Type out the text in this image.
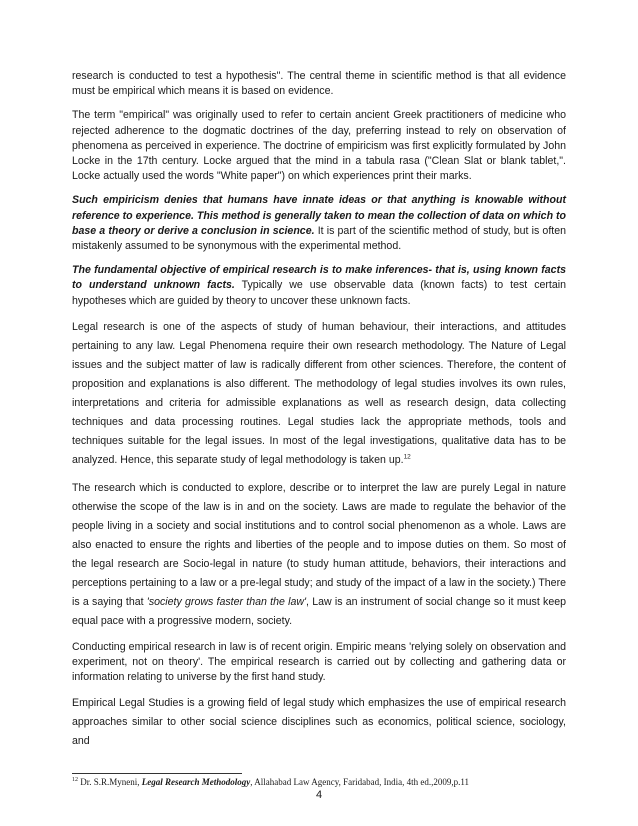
research is conducted to test a hypothesis". The central theme in scientific method is that all evidence must be empirical which means it is based on evidence.

The term "empirical" was originally used to refer to certain ancient Greek practitioners of medicine who rejected adherence to the dogmatic doctrines of the day, preferring instead to rely on observation of phenomena as perceived in experience. The doctrine of empiricism was first explicitly formulated by John Locke in the 17th century. Locke argued that the mind in a tabula rasa ("Clean Slat or blank tablet,". Locke actually used the words "White paper") on which experiences print their marks.

Such empiricism denies that humans have innate ideas or that anything is knowable without reference to experience. This method is generally taken to mean the collection of data on which to base a theory or derive a conclusion in science. It is part of the scientific method of study, but is often mistakenly assumed to be synonymous with the experimental method.

The fundamental objective of empirical research is to make inferences- that is, using known facts to understand unknown facts. Typically we use observable data (known facts) to test certain hypotheses which are guided by theory to uncover these unknown facts.

Legal research is one of the aspects of study of human behaviour, their interactions, and attitudes pertaining to any law. Legal Phenomena require their own research methodology. The Nature of Legal issues and the subject matter of law is radically different from other sciences. Therefore, the content of proposition and explanations is also different. The methodology of legal studies involves its own rules, interpretations and criteria for admissible explanations as well as research design, data collecting techniques and data processing routines. Legal studies lack the appropriate methods, tools and techniques suitable for the legal issues. In most of the legal investigations, qualitative data has to be analyzed. Hence, this separate study of legal methodology is taken up.$^{12}$

The research which is conducted to explore, describe or to interpret the law are purely Legal in nature otherwise the scope of the law is in and on the society. Laws are made to regulate the behavior of the people living in a society and social institutions and to control social phenomenon as a whole. Laws are also enacted to ensure the rights and liberties of the people and to impose duties on them. So most of the legal research are Socio-legal in nature (to study human attitude, behaviors, their interactions and perceptions pertaining to a law or a pre-legal study; and study of the impact of a law in the society.) There is a saying that 'society grows faster than the law', Law is an instrument of social change so it must keep equal pace with a progressive modern, society.

Conducting empirical research in law is of recent origin. Empiric means 'relying solely on observation and experiment, not on theory'. The empirical research is carried out by collecting and gathering data or information relating to universe by the first hand study.

Empirical Legal Studies is a growing field of legal study which emphasizes the use of empirical research approaches similar to other social science disciplines such as economics, political science, sociology, and

$^{12}$ Dr. S.R.Myneni, Legal Research Methodology, Allahabad Law Agency, Faridabad, India, 4th ed.,2009,p.11
4
